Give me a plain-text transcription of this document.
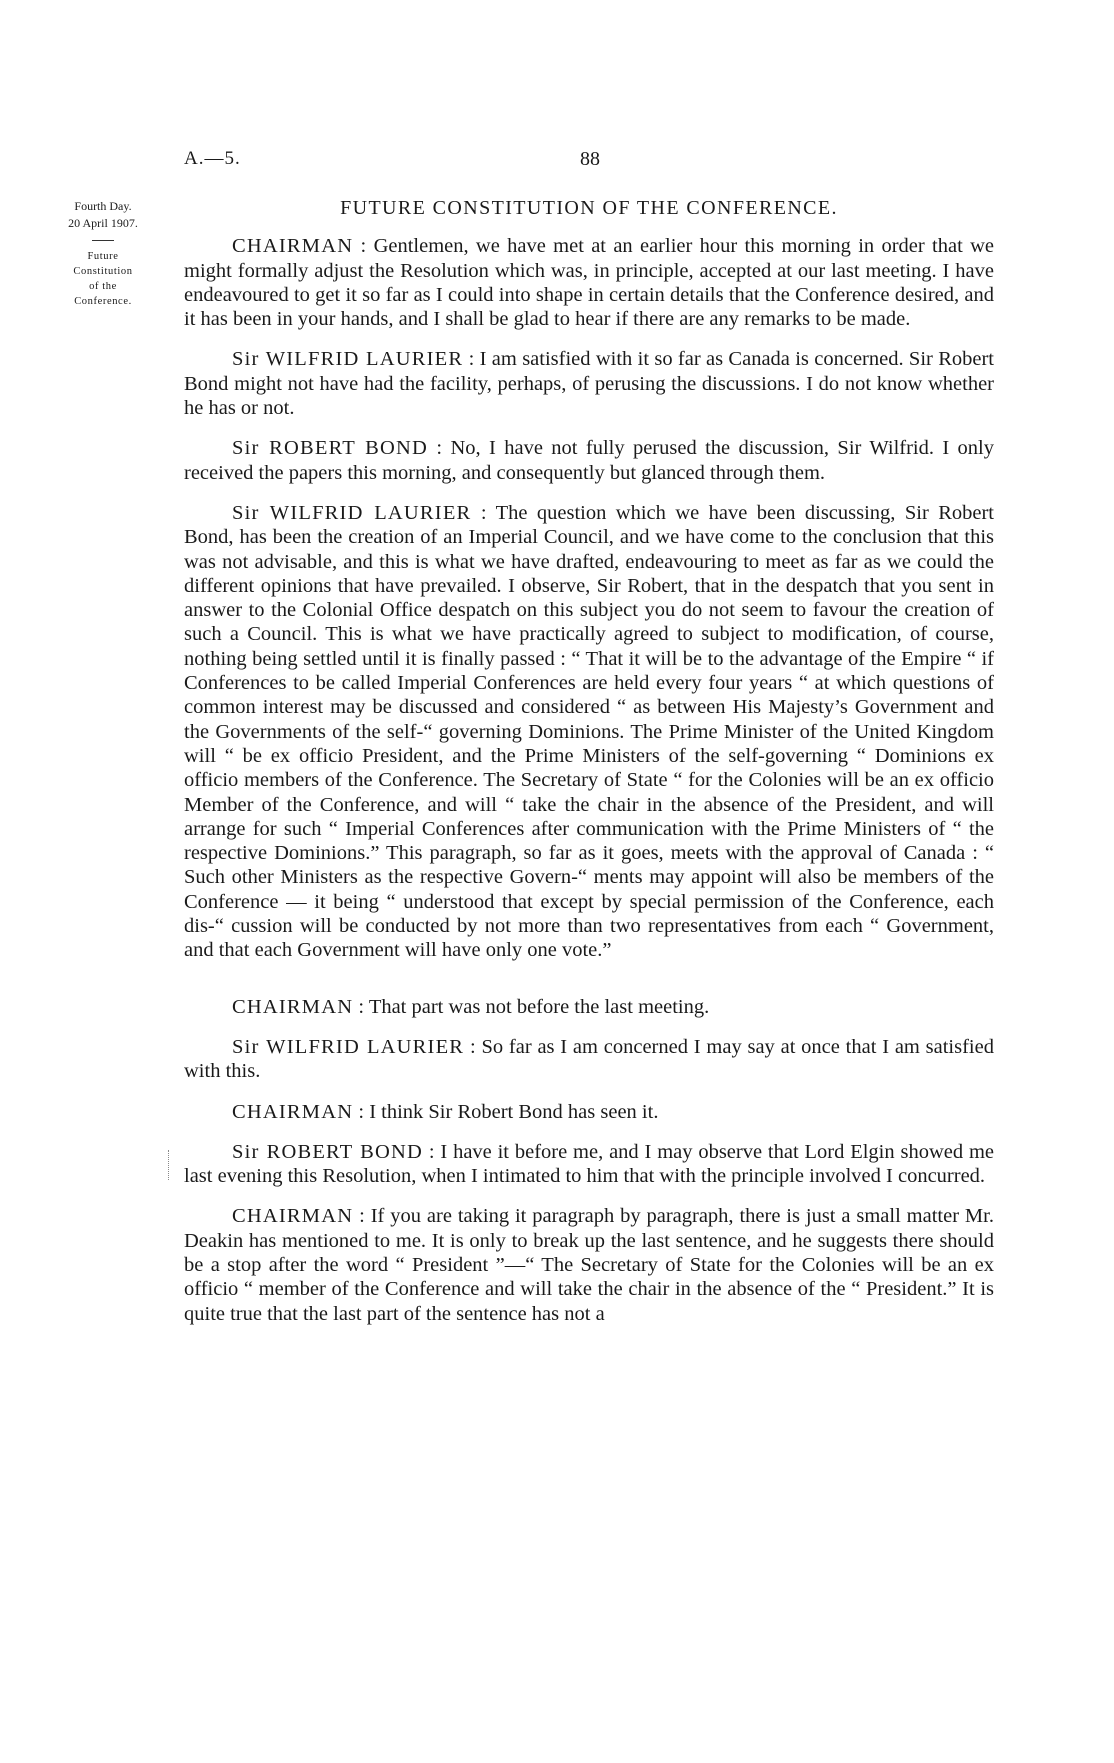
A.—5.	88
Fourth Day.
20 April 1907.
Future
Constitution
of the
Conference.
FUTURE CONSTITUTION OF THE CONFERENCE.

CHAIRMAN : Gentlemen, we have met at an earlier hour this morning in order that we might formally adjust the Resolution which was, in principle, accepted at our last meeting. I have endeavoured to get it so far as I could into shape in certain details that the Conference desired, and it has been in your hands, and I shall be glad to hear if there are any remarks to be made.

Sir WILFRID LAURIER : I am satisfied with it so far as Canada is concerned. Sir Robert Bond might not have had the facility, perhaps, of perusing the discussions. I do not know whether he has or not.

Sir ROBERT BOND : No, I have not fully perused the discussion, Sir Wilfrid. I only received the papers this morning, and consequently but glanced through them.

Sir WILFRID LAURIER : The question which we have been discussing, Sir Robert Bond, has been the creation of an Imperial Council, and we have come to the conclusion that this was not advisable, and this is what we have drafted, endeavouring to meet as far as we could the different opinions that have prevailed. I observe, Sir Robert, that in the despatch that you sent in answer to the Colonial Office despatch on this subject you do not seem to favour the creation of such a Council. This is what we have practically agreed to subject to modification, of course, nothing being settled until it is finally passed : “ That it will be to the advantage of the Empire “ if Conferences to be called Imperial Conferences are held every four years “ at which questions of common interest may be discussed and considered “ as between His Majesty’s Government and the Governments of the self-“ governing Dominions. The Prime Minister of the United Kingdom will “ be ex officio President, and the Prime Ministers of the self-governing “ Dominions ex officio members of the Conference. The Secretary of State “ for the Colonies will be an ex officio Member of the Conference, and will “ take the chair in the absence of the President, and will arrange for such “ Imperial Conferences after communication with the Prime Ministers of “ the respective Dominions.” This paragraph, so far as it goes, meets with the approval of Canada : “ Such other Ministers as the respective Govern-“ ments may appoint will also be members of the Conference — it being “ understood that except by special permission of the Conference, each dis-“ cussion will be conducted by not more than two representatives from each “ Government, and that each Government will have only one vote.”

CHAIRMAN : That part was not before the last meeting.

Sir WILFRID LAURIER : So far as I am concerned I may say at once that I am satisfied with this.

CHAIRMAN : I think Sir Robert Bond has seen it.

Sir ROBERT BOND : I have it before me, and I may observe that Lord Elgin showed me last evening this Resolution, when I intimated to him that with the principle involved I concurred.

CHAIRMAN : If you are taking it paragraph by paragraph, there is just a small matter Mr. Deakin has mentioned to me. It is only to break up the last sentence, and he suggests there should be a stop after the word “ President ”—“ The Secretary of State for the Colonies will be an ex officio “ member of the Conference and will take the chair in the absence of the “ President.” It is quite true that the last part of the sentence has not a
